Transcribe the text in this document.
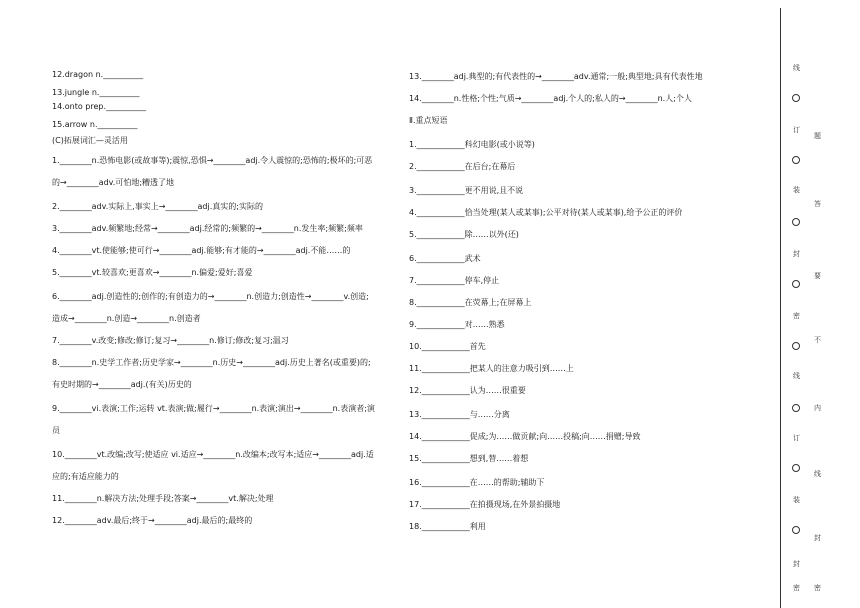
12.dragon n.__________
13.jungle n.__________
14.onto prep.__________
15.arrow n.__________
(C)拓展词汇—灵活用
1.________n.恐怖电影(或故事等);震惊,恐惧→________adj.令人震惊的;恐怖的;极坏的;可恶
的→________adv.可怕地;糟透了地
2.________adv.实际上,事实上→________adj.真实的;实际的
3.________adv.频繁地;经常→________adj.经常的;频繁的→________n.发生率;频繁;频率
4.________vt.使能够;使可行→________adj.能够;有才能的→________adj.不能……的
5.________vt.较喜欢;更喜欢→________n.偏爱;爱好;喜爱
6.________adj.创造性的;创作的;有创造力的→________n.创造力;创造性→________v.创造;
造成→________n.创造→________n.创造者
7.________v.改变;修改;修订;复习→________n.修订;修改;复习;温习
8.________n.史学工作者;历史学家→________n.历史→________adj.历史上著名(或重要)的;
有史时期的→________adj.(有关)历史的
9.________vi.表演;工作;运转 vt.表演;做;履行→________n.表演;演出→________n.表演者;演
员
10.________vt.改编;改写;使适应 vi.适应→________n.改编本;改写本;适应→________adj.适
应的;有适应能力的
11.________n.解决方法;处理手段;答案→________vt.解决;处理
12.________adv.最后;终于→________adj.最后的;最终的
13.________adj.典型的;有代表性的→________adv.通常;一般;典型地;具有代表性地
14.________n.性格;个性;气质→________adj.个人的;私人的→________n.人;个人
Ⅱ.重点短语
1.____________科幻电影(或小说等)
2.____________在后台;在幕后
3.____________更不用说,且不说
4.____________恰当处理(某人或某事);公平对待(某人或某事),给予公正的评价
5.____________除……以外(还)
6.____________武术
7.____________停车,停止
8.____________在荧幕上;在屏幕上
9.____________对……熟悉
10.____________首先
11.____________把某人的注意力吸引到……上
12.____________认为……很重要
13.____________与……分离
14.____________促成;为……做贡献;向……投稿;向……捐赠;导致
15.____________想到,替……着想
16.____________在……的帮助;辅助下
17.____________在拍摄现场,在外景拍摄地
18.____________利用
线
订
装
封
密
线
订
装
封
密
题
答
要
不
内
线
封
密
